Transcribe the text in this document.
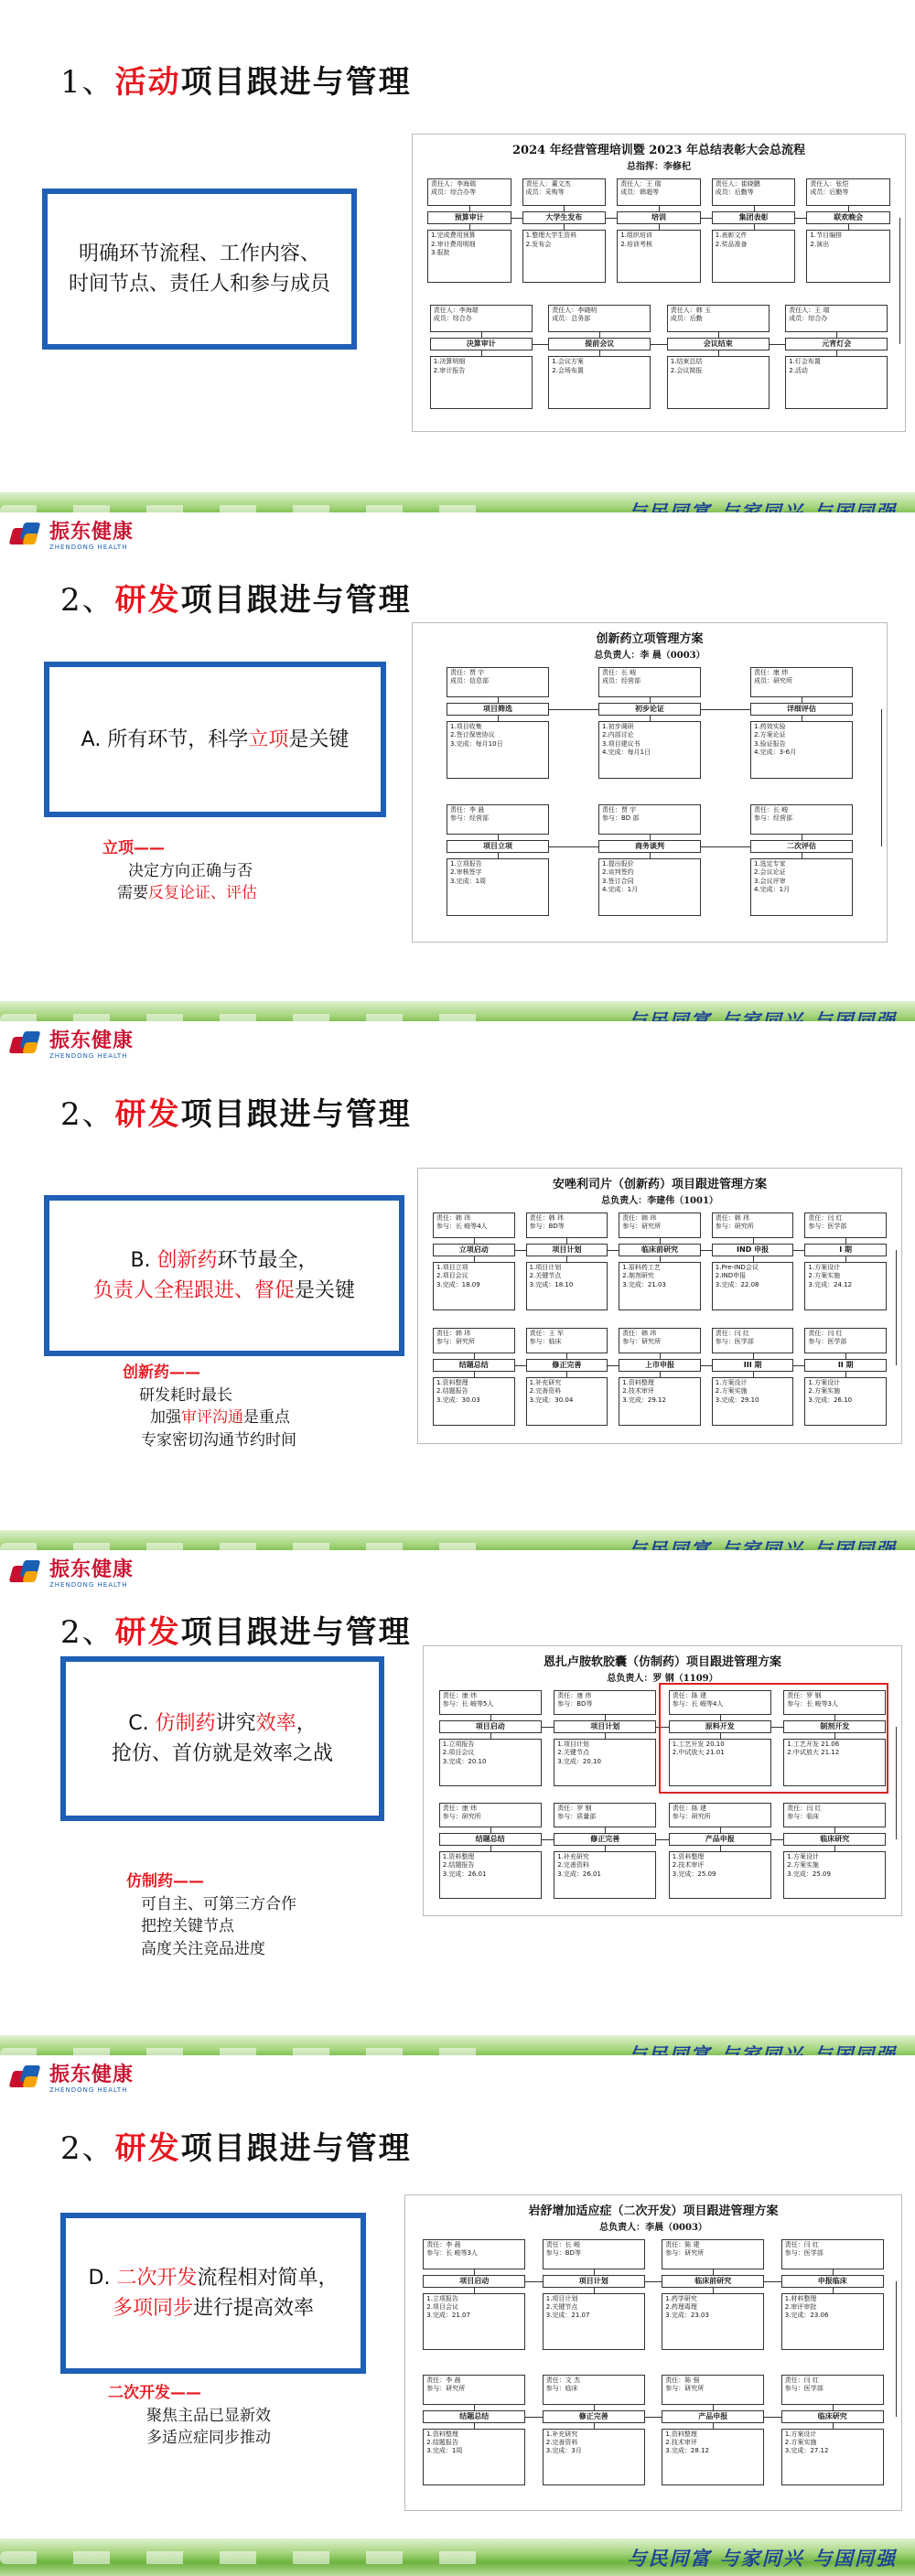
1、活动项目跟进与管理
明确环节流程、工作内容、
时间节点、责任人和参与成员
2024 年经营管理培训暨 2023 年总结表彰大会总流程
总指挥：李修杞
责任人：李海瑞
成员：综合办等
预算审计
1.完成费用预算
2.审计费用明细
3.报批
责任人：董文杰
成员：采购等
大学生发布
1.整理大学生资料
2.发布会
责任人：王 瑞
成员：韩超等
培训
1.组织培训
2.培训考核
责任人：崔晓鹏
成员：后勤等
集团表彰
1.表彰文件
2.奖品准备
责任人：张恺
成员：后勤等
联欢晚会
1.节目编排
2.演出
责任人：李海瑞
成员：综合办
决算审计
1.决算明细
2.审计报告
责任人：李晓明
成员：总务部
提前会议
1.会议方案
2.会场布置
责任人：韩 玉
成员：后勤
会议结束
1.结束总结
2.会议简报
责任人：王 瑞
成员：综合办
元宵灯会
1.灯会布置
2.活动
振东健康
ZHENDONG HEALTH
2、研发项目跟进与管理
A. 所有环节，科学立项是关键
立项——
决定方向正确与否
需要反复论证、评估
创新药立项管理方案
总负责人：李 晨（0003）
责任：贾 宇
成员：信息部
项目筛选
1.项目收集
2.签订保密协议
3.完成：每月10日
责任：长 峻
成员：经营部
初步论证
1.初步调研
2.内部讨论
3.项目建议书
4.完成：每月1日
责任：康 炜
成员：研究所
详细评估
1.药效实验
2.方案论证
3.验证报告
4.完成：3-6月
责任：李 晨
参与：经营部
项目立项
1.立项报告
2.审核签字
3.完成：1周
责任：贾 宇
参与：BD 部
商务谈判
1.提出报价
2.谈判签约
3.签订合同
4.完成：1月
责任：长 峻
参与：经营部
二次评估
1.选定专家
2.会议论证
3.会议评审
4.完成：1月
振东健康
ZHENDONG HEALTH
2、研发项目跟进与管理
B. 创新药环节最全，
负责人全程跟进、督促是关键
创新药——
研发耗时最长
加强审评沟通是重点
专家密切沟通节约时间
安唑利司片（创新药）项目跟进管理方案
总负责人：李建伟（1001）
责任：韩 玮
参与：长 峻等4人
立项启动
1.项目立项
2.项目会议
3.完成：18.09
责任：韩 玮
参与：BD等
项目计划
1.项目计划
2.关键节点
3.完成：18.10
责任：韩 玮
参与：研究所
临床前研究
1.原料药工艺
2.制剂研究
3.完成：21.03
责任：韩 玮
参与：研究所
IND 申报
1.Pre-IND会议
2.IND申报
3.完成：22.08
责任：闫 红
参与：医学部
I 期
1.方案设计
2.方案实施
3.完成：24.12
责任：韩 玮
参与：研究所
结题总结
1.资料整理
2.结题报告
3.完成：30.03
责任：王 军
参与：临床
修正完善
1.补充研究
2.完善资料
3.完成：30.04
责任：韩 玮
参与：研究所
上市申报
1.资料整理
2.技术审评
3.完成：29.12
责任：闫 红
参与：医学部
III 期
1.方案设计
2.方案实施
3.完成：29.10
责任：闫 红
参与：医学部
II 期
1.方案设计
2.方案实施
3.完成：26.10
振东健康
ZHENDONG HEALTH
2、研发项目跟进与管理
C. 仿制药讲究效率，
抢仿、首仿就是效率之战
仿制药——
可自主、可第三方合作
把控关键节点
高度关注竞品进度
恩扎卢胺软胶囊（仿制药）项目跟进管理方案
总负责人：罗 钢（1109）
责任：康 炜
参与：长 峻等5人
项目启动
1.立项报告
2.项目会议
3.完成：20.10
责任：康 炜
参与：BD等
项目计划
1.项目计划
2.关键节点
3.完成：20.10
责任：陈 建
参与：长 峻等4人
原料开发
1.工艺开发 20.10
2.中试放大 21.01
责任：罗 钢
参与：长 峻等3人
制剂开发
1.工艺开发 21.06
2.中试放大 21.12
责任：康 炜
参与：研究所
结题总结
1.资料整理
2.结题报告
3.完成：26.01
责任：罗 钢
参与：质量部
修正完善
1.补充研究
2.完善资料
3.完成：26.01
责任：陈 建
参与：研究所
产品申报
1.资料整理
2.技术审评
3.完成：25.09
责任：闫 红
参与：临床
临床研究
1.方案设计
2.方案实施
3.完成：25.09
振东健康
ZHENDONG HEALTH
2、研发项目跟进与管理
D. 二次开发流程相对简单，
多项同步进行提高效率
二次开发——
聚焦主品已显新效
多适应症同步推动
岩舒增加适应症（二次开发）项目跟进管理方案
总负责人：李晨（0003）
责任：李 晨
参与：长 峻等3人
项目启动
1.立项报告
2.项目会议
3.完成：21.07
责任：长 峻
参与：BD等
项目计划
1.项目计划
2.关键节点
3.完成：21.07
责任：陈 建
参与：研究所
临床前研究
1.药学研究
2.药理毒理
3.完成：23.03
责任：闫 红
参与：医学部
申报临床
1.材料整理
2.审评审批
3.完成：23.06
责任：李 晨
参与：研究所
结题总结
1.资料整理
2.结题报告
3.完成：1周
责任：文 杰
参与：临床
修正完善
1.补充研究
2.完善资料
3.完成：3月
责任：陈 强
参与：研究所
产品申报
1.资料整理
2.技术审评
3.完成：28.12
责任：闫 红
参与：医学部
临床研究
1.方案设计
2.方案实施
3.完成：27.12
与民同富 与家同兴 与国同强
